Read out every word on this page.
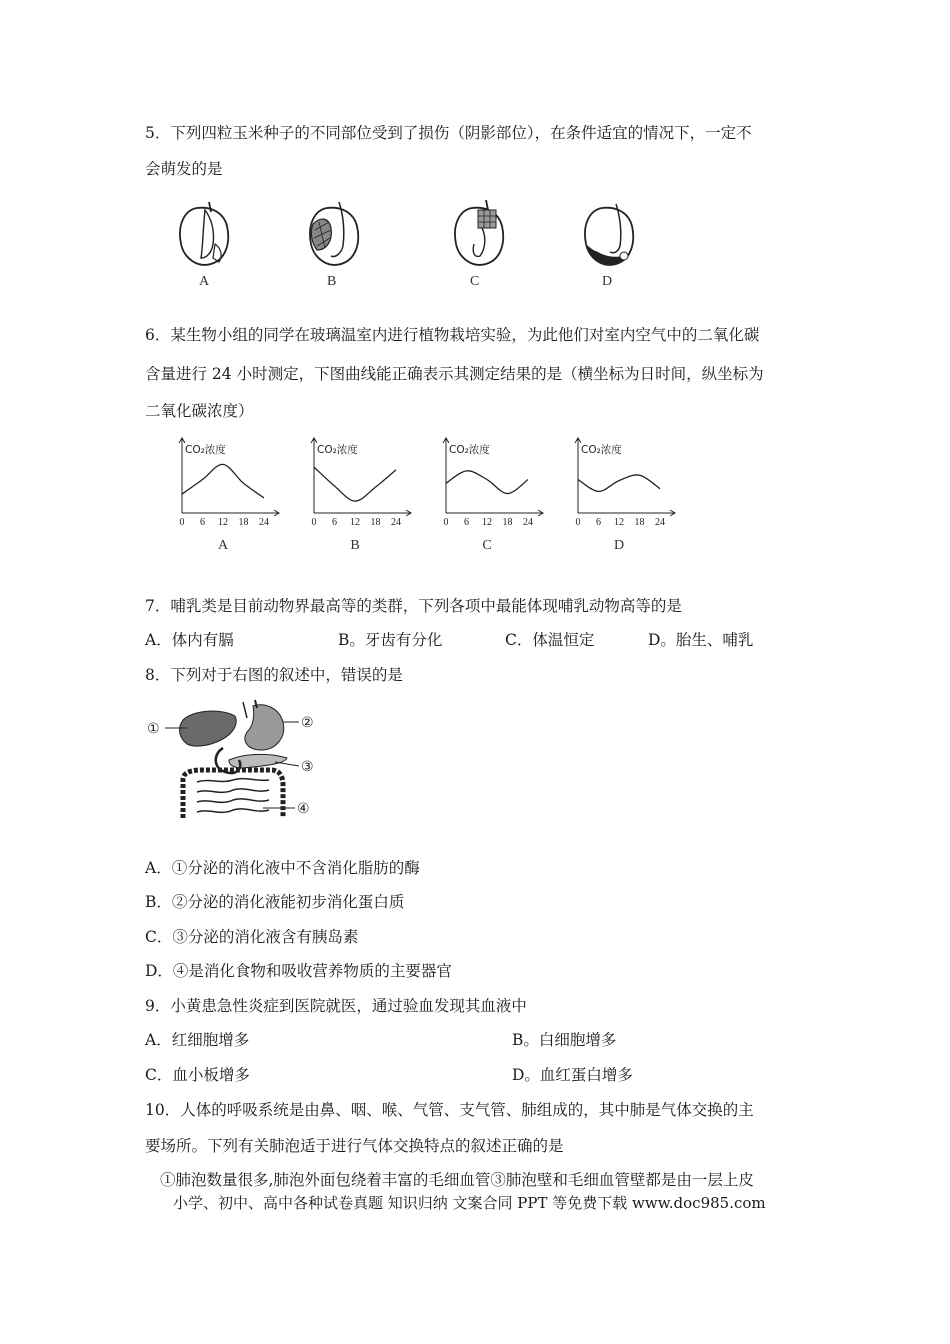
5．下列四粒玉米种子的不同部位受到了损伤（阴影部位），在条件适宜的情况下，一定不
会萌发的是
A	B	C	D
6．某生物小组的同学在玻璃温室内进行植物栽培实验，为此他们对室内空气中的二氧化碳
含量进行 24 小时测定，下图曲线能正确表示其测定结果的是（横坐标为日时间，纵坐标为
二氧化碳浓度）
CO₂浓度
0 6 12 18 24
A
CO₂浓度
0 6 12 18 24
B
CO₂浓度
0 6 12 18 24
C
CO₂浓度
0 6 12 18 24
D
7．哺乳类是目前动物界最高等的类群，下列各项中最能体现哺乳动物高等的是
A．体内有膈	B。牙齿有分化	C．体温恒定	D。胎生、哺乳
8．下列对于右图的叙述中，错误的是
①	②
③
④
A．①分泌的消化液中不含消化脂肪的酶
B．②分泌的消化液能初步消化蛋白质
C．③分泌的消化液含有胰岛素
D．④是消化食物和吸收营养物质的主要器官
9．小黄患急性炎症到医院就医，通过验血发现其血液中
A．红细胞增多	B。白细胞增多
C．血小板增多	D。血红蛋白增多
10．人体的呼吸系统是由鼻、咽、喉、气管、支气管、肺组成的，其中肺是气体交换的主
要场所。下列有关肺泡适于进行气体交换特点的叙述正确的是
①肺泡数量很多,肺泡外面包绕着丰富的毛细血管③肺泡壁和毛细血管壁都是由一层上皮
小学、初中、高中各种试卷真题 知识归纳 文案合同 PPT 等免费下载 www.doc985.com
